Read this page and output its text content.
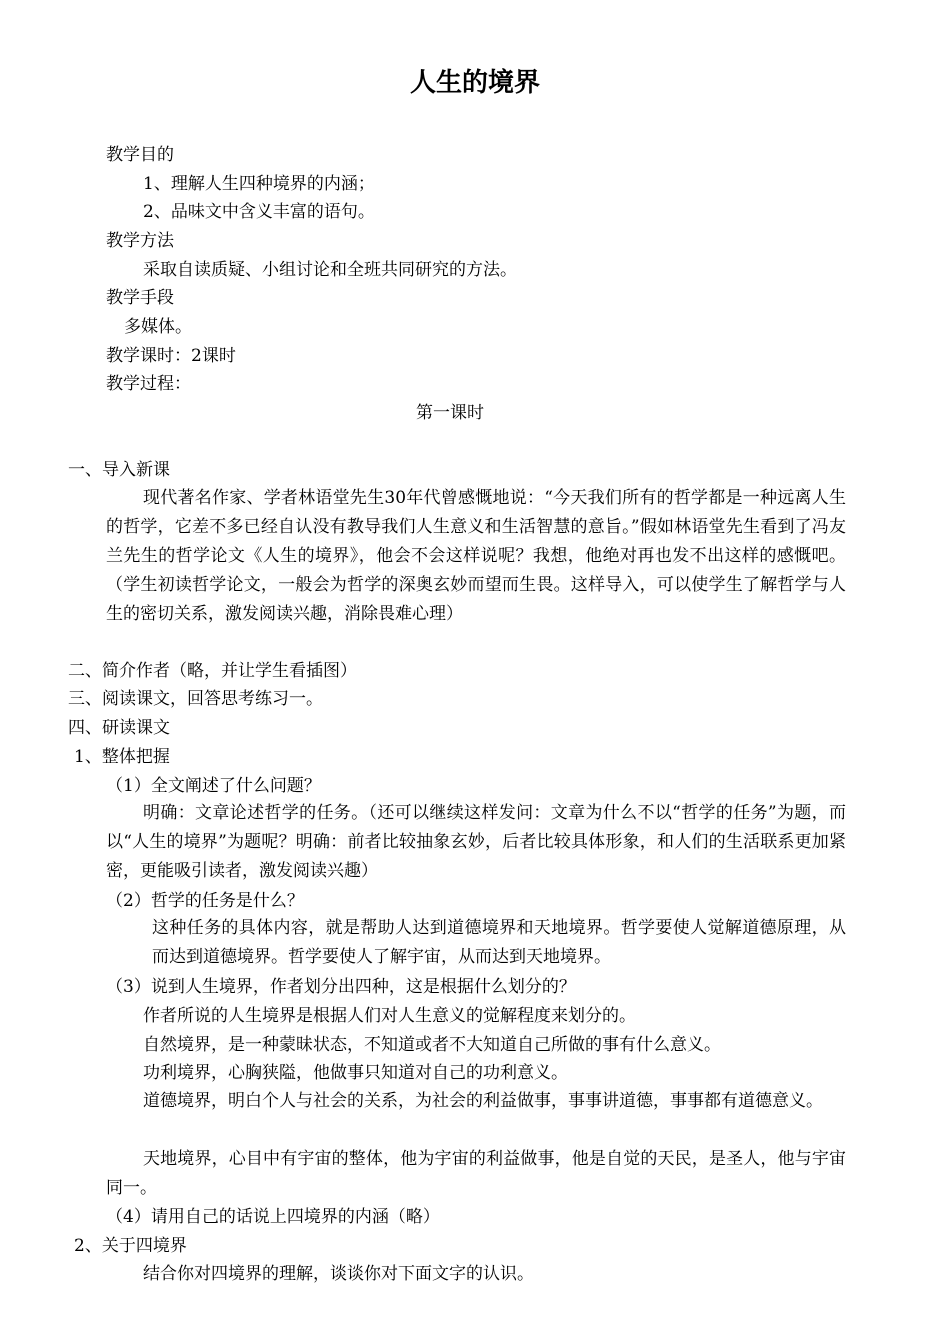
人生的境界
教学目的
1、理解人生四种境界的内涵；
2、品味文中含义丰富的语句。
教学方法
采取自读质疑、小组讨论和全班共同研究的方法。
教学手段
多媒体。
教学课时：2课时
教学过程：
第一课时
一、导入新课
现代著名作家、学者林语堂先生30年代曾感慨地说：“今天我们所有的哲学都是一种远离人生的哲学，它差不多已经自认没有教导我们人生意义和生活智慧的意旨。”假如林语堂先生看到了冯友兰先生的哲学论文《人生的境界》，他会不会这样说呢？我想，他绝对再也发不出这样的感慨吧。（学生初读哲学论文，一般会为哲学的深奥玄妙而望而生畏。这样导入，可以使学生了解哲学与人生的密切关系，激发阅读兴趣，消除畏难心理）
二、简介作者（略，并让学生看插图）
三、阅读课文，回答思考练习一。
四、研读课文
1、整体把握
（1）全文阐述了什么问题？
明确：文章论述哲学的任务。（还可以继续这样发问：文章为什么不以“哲学的任务”为题，而以“人生的境界”为题呢？明确：前者比较抽象玄妙，后者比较具体形象，和人们的生活联系更加紧密，更能吸引读者，激发阅读兴趣）
（2）哲学的任务是什么？
这种任务的具体内容，就是帮助人达到道德境界和天地境界。哲学要使人觉解道德原理，从而达到道德境界。哲学要使人了解宇宙，从而达到天地境界。
（3）说到人生境界，作者划分出四种，这是根据什么划分的？
作者所说的人生境界是根据人们对人生意义的觉解程度来划分的。
自然境界，是一种蒙昧状态，不知道或者不大知道自己所做的事有什么意义。
功利境界，心胸狭隘，他做事只知道对自己的功利意义。
道德境界，明白个人与社会的关系，为社会的利益做事，事事讲道德，事事都有道德意义。
天地境界，心目中有宇宙的整体，他为宇宙的利益做事，他是自觉的天民，是圣人，他与宇宙同一。
（4）请用自己的话说上四境界的内涵（略）
2、关于四境界
结合你对四境界的理解，谈谈你对下面文字的认识。
